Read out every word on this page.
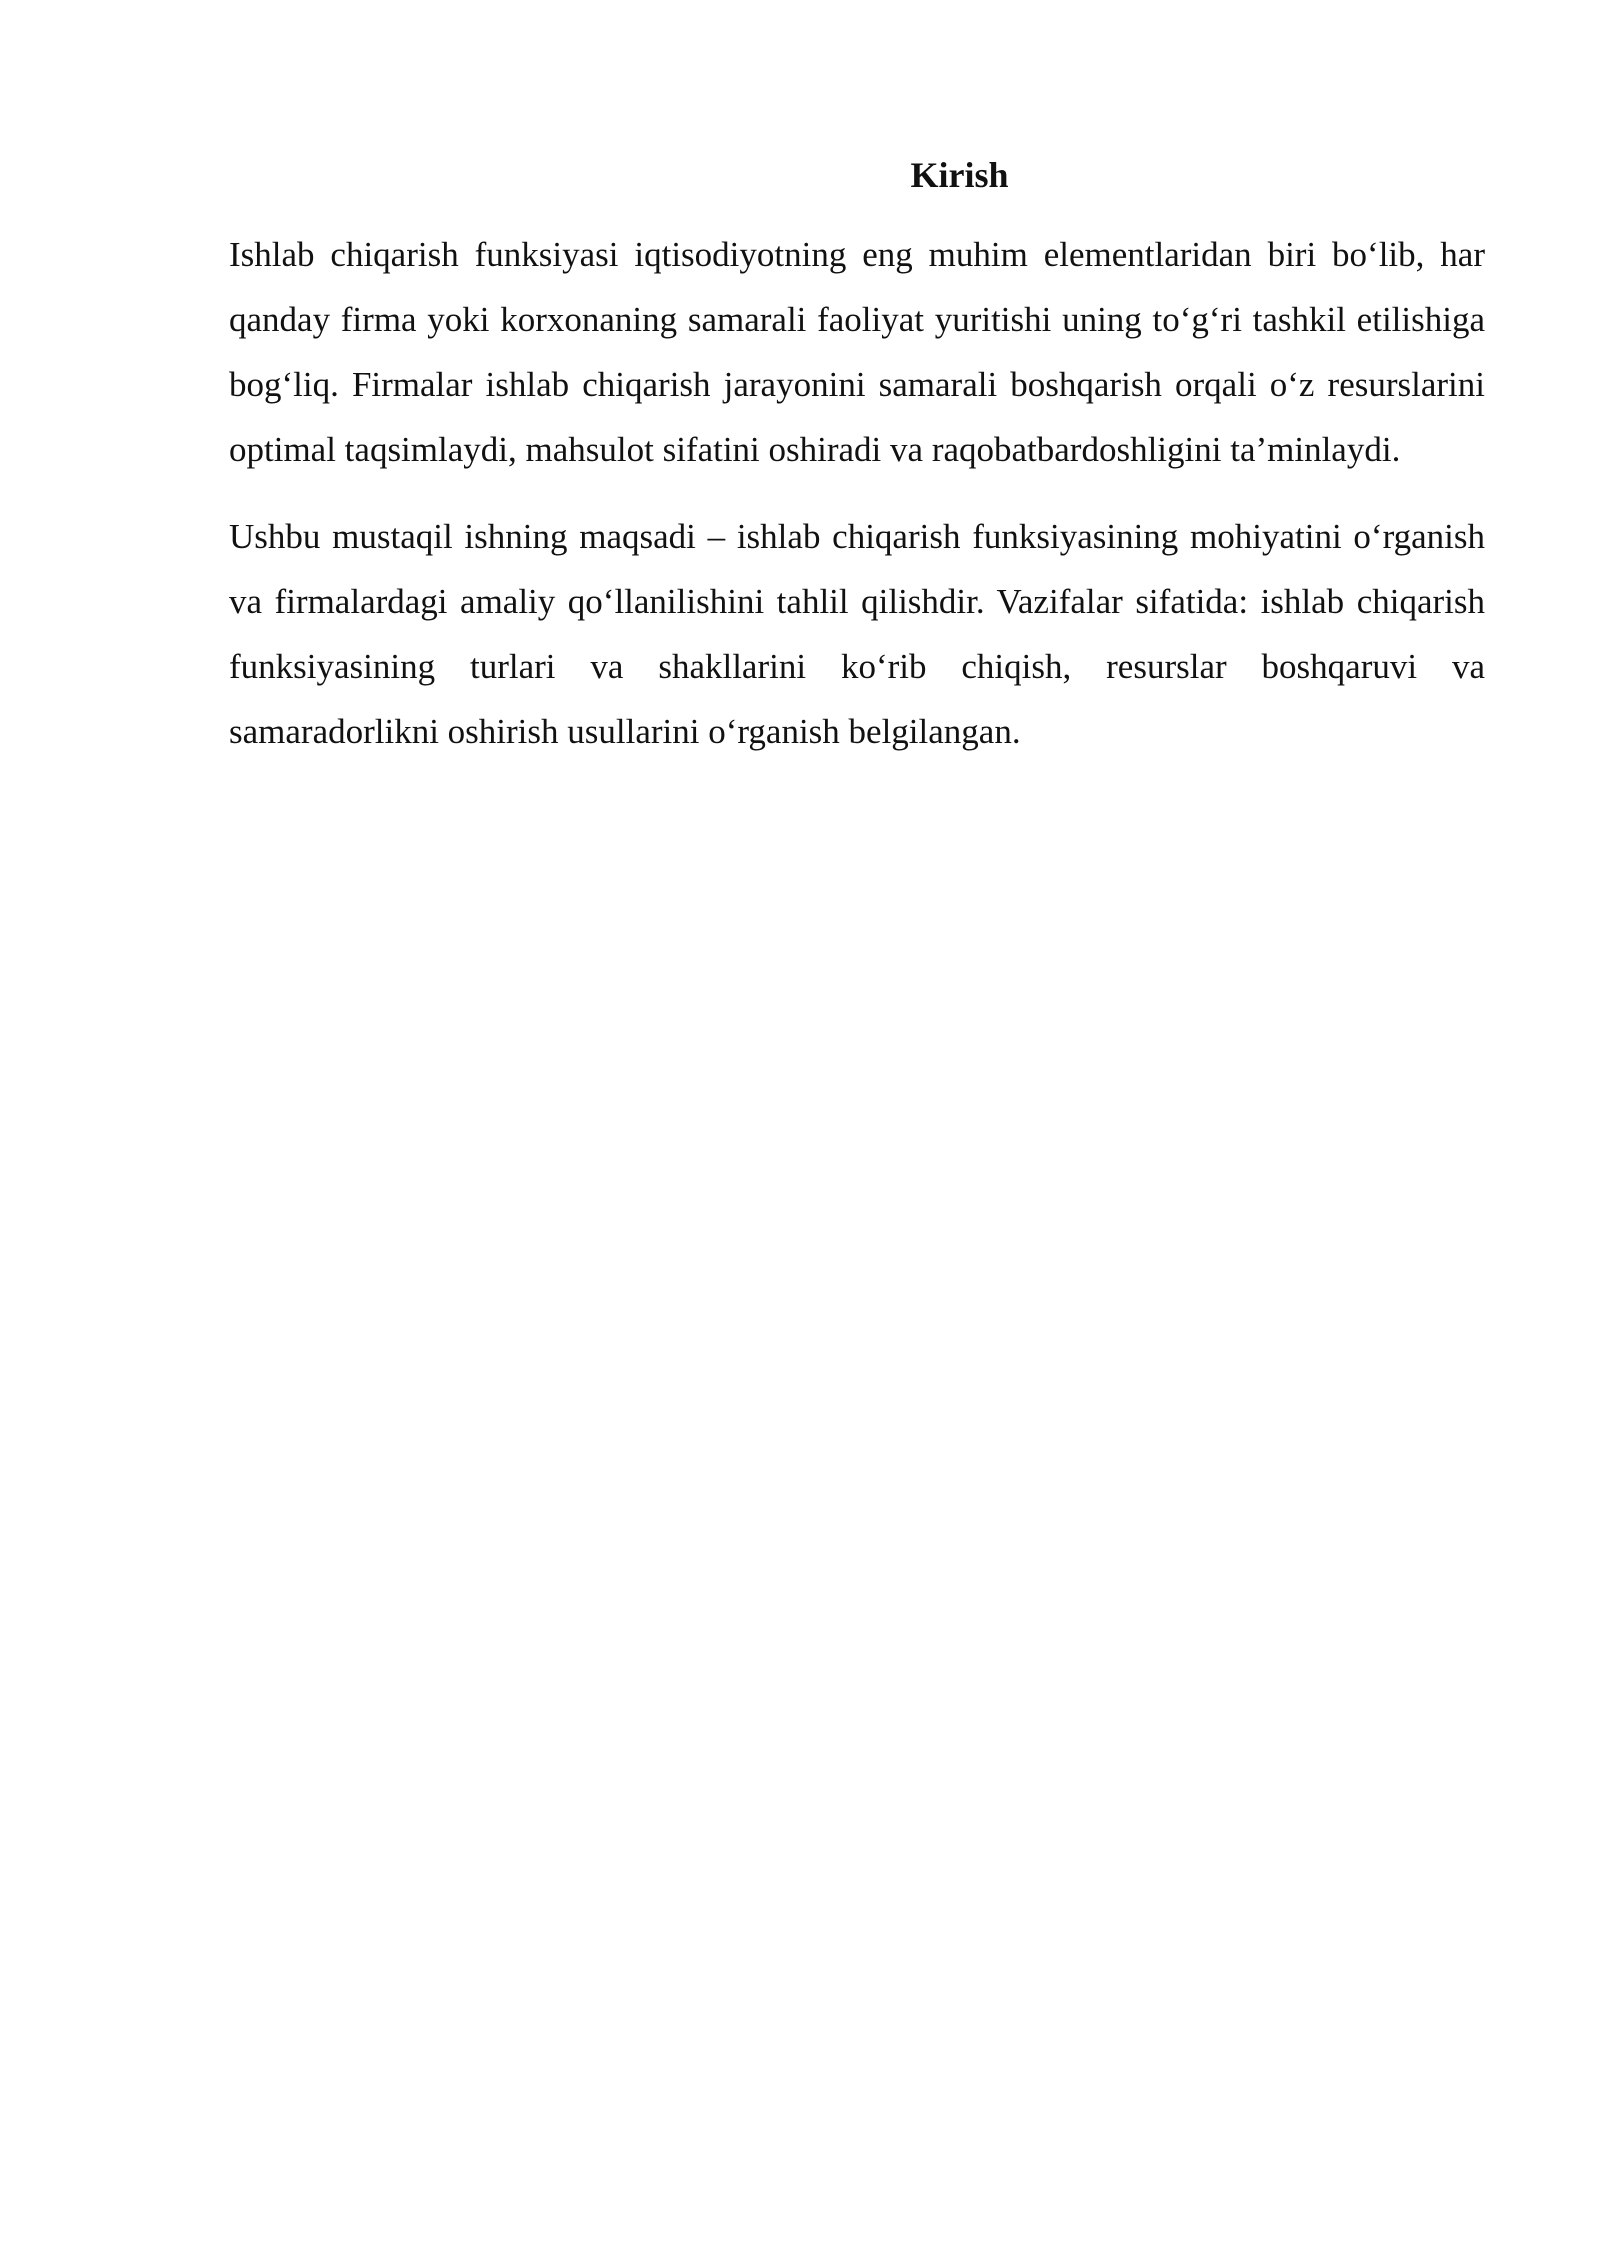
Kirish

Ishlab chiqarish funksiyasi iqtisodiyotning eng muhim elementlaridan biri bo‘lib, har qanday firma yoki korxonaning samarali faoliyat yuritishi uning to‘g‘ri tashkil etilishiga bog‘liq. Firmalar ishlab chiqarish jarayonini samarali boshqarish orqali o‘z resurslarini optimal taqsimlaydi, mahsulot sifatini oshiradi va raqobatbardoshligini ta’minlaydi.

Ushbu mustaqil ishning maqsadi – ishlab chiqarish funksiyasining mohiyatini o‘rganish va firmalardagi amaliy qo‘llanilishini tahlil qilishdir. Vazifalar sifatida: ishlab chiqarish funksiyasining turlari va shakllarini ko‘rib chiqish, resurslar boshqaruvi va samaradorlikni oshirish usullarini o‘rganish belgilangan.
